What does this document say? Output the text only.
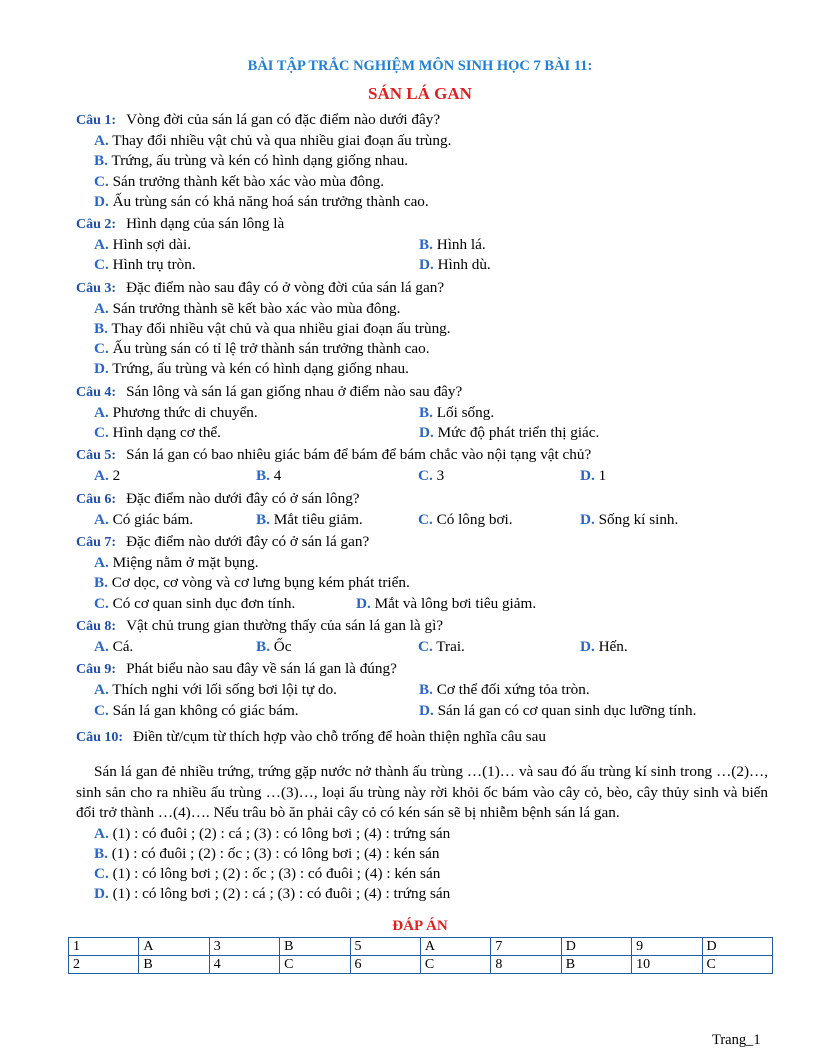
BÀI TẬP TRẮC NGHIỆM MÔN SINH HỌC 7 BÀI 11:
SÁN LÁ GAN
Câu 1: Vòng đời của sán lá gan có đặc điểm nào dưới đây?
A. Thay đổi nhiều vật chủ và qua nhiều giai đoạn ấu trùng.
B. Trứng, ấu trùng và kén có hình dạng giống nhau.
C. Sán trưởng thành kết bào xác vào mùa đông.
D. Ấu trùng sán có khả năng hoá sán trưởng thành cao.
Câu 2: Hình dạng của sán lông là
A. Hình sợi dài.	B. Hình lá.
C. Hình trụ tròn.	D. Hình dù.
Câu 3: Đặc điểm nào sau đây có ở vòng đời của sán lá gan?
A. Sán trưởng thành sẽ kết bào xác vào mùa đông.
B. Thay đổi nhiều vật chủ và qua nhiều giai đoạn ấu trùng.
C. Ấu trùng sán có tỉ lệ trở thành sán trưởng thành cao.
D. Trứng, ấu trùng và kén có hình dạng giống nhau.
Câu 4: Sán lông và sán lá gan giống nhau ở điểm nào sau đây?
A. Phương thức di chuyển.	B. Lối sống.
C. Hình dạng cơ thể.	D. Mức độ phát triển thị giác.
Câu 5: Sán lá gan có bao nhiêu giác bám để bám để bám chắc vào nội tạng vật chủ?
A. 2	B. 4	C. 3	D. 1
Câu 6: Đặc điểm nào dưới đây có ở sán lông?
A. Có giác bám.	B. Mắt tiêu giảm.	C. Có lông bơi.	D. Sống kí sinh.
Câu 7: Đặc điểm nào dưới đây có ở sán lá gan?
A. Miệng nằm ở mặt bụng.
B. Cơ dọc, cơ vòng và cơ lưng bụng kém phát triển.
C. Có cơ quan sinh dục đơn tính.	D. Mắt và lông bơi tiêu giảm.
Câu 8: Vật chủ trung gian thường thấy của sán lá gan là gì?
A. Cá.	B. Ốc	C. Trai.	D. Hến.
Câu 9: Phát biểu nào sau đây về sán lá gan là đúng?
A. Thích nghi với lối sống bơi lội tự do.	B. Cơ thể đối xứng tỏa tròn.
C. Sán lá gan không có giác bám.	D. Sán lá gan có cơ quan sinh dục lưỡng tính.
Câu 10: Điền từ/cụm từ thích hợp vào chỗ trống để hoàn thiện nghĩa câu sau
Sán lá gan đẻ nhiều trứng, trứng gặp nước nở thành ấu trùng …(1)… và sau đó ấu trùng kí sinh trong …(2)…, sinh sản cho ra nhiều ấu trùng …(3)…, loại ấu trùng này rời khỏi ốc bám vào cây cỏ, bèo, cây thủy sinh và biến đổi trở thành …(4)…. Nếu trâu bò ăn phải cây cỏ có kén sán sẽ bị nhiễm bệnh sán lá gan.
A. (1) : có đuôi ; (2) : cá ; (3) : có lông bơi ; (4) : trứng sán
B. (1) : có đuôi ; (2) : ốc ; (3) : có lông bơi ; (4) : kén sán
C. (1) : có lông bơi ; (2) : ốc ; (3) : có đuôi ; (4) : kén sán
D. (1) : có lông bơi ; (2) : cá ; (3) : có đuôi ; (4) : trứng sán
ĐÁP ÁN
1	A	3	B	5	A	7	D	9	D
2	B	4	C	6	C	8	B	10	C
Trang_1
